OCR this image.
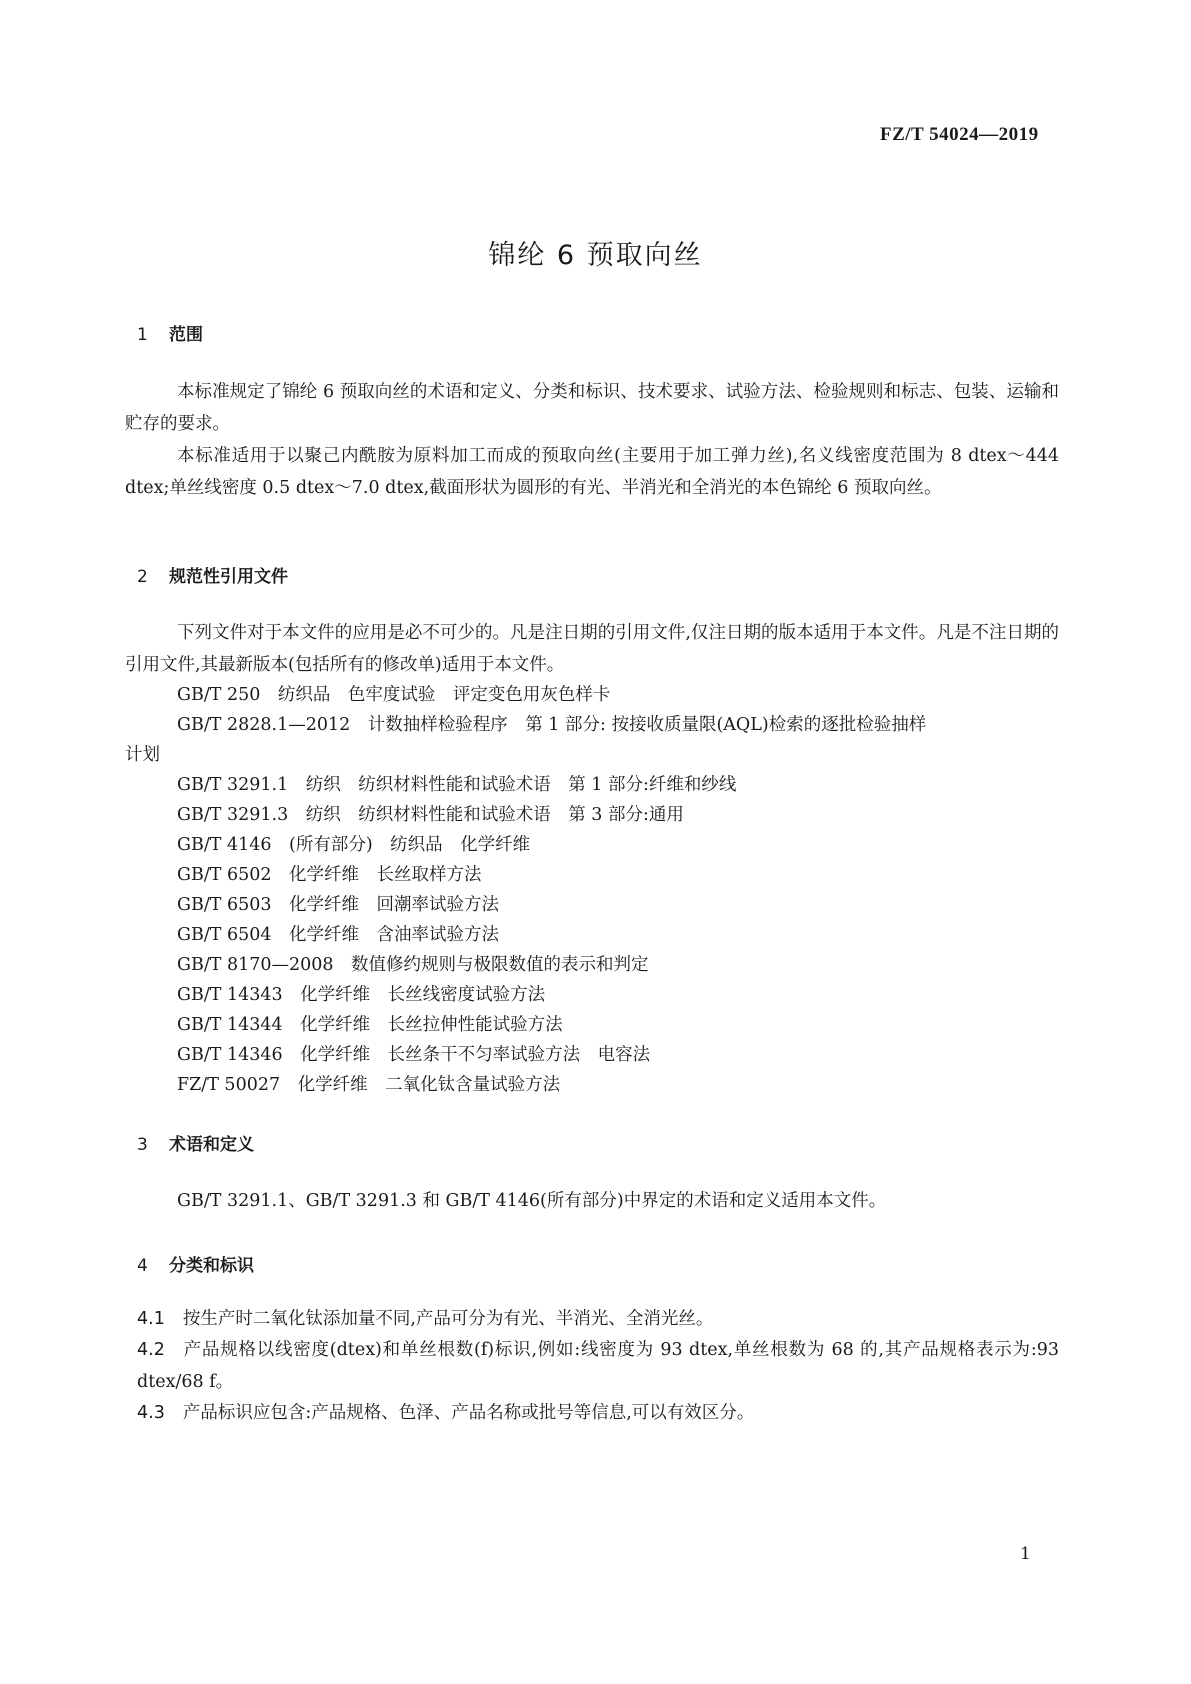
FZ/T 54024—2019
锦纶 6 预取向丝
1 范围
本标准规定了锦纶 6 预取向丝的术语和定义、分类和标识、技术要求、试验方法、检验规则和标志、包装、运输和贮存的要求。
本标准适用于以聚己内酰胺为原料加工而成的预取向丝(主要用于加工弹力丝),名义线密度范围为 8 dtex～444 dtex;单丝线密度 0.5 dtex～7.0 dtex,截面形状为圆形的有光、半消光和全消光的本色锦纶 6 预取向丝。
2 规范性引用文件
下列文件对于本文件的应用是必不可少的。凡是注日期的引用文件,仅注日期的版本适用于本文件。凡是不注日期的引用文件,其最新版本(包括所有的修改单)适用于本文件。
GB/T 250　纺织品　色牢度试验　评定变色用灰色样卡
GB/T 2828.1—2012　计数抽样检验程序　第 1 部分: 按接收质量限(AQL)检索的逐批检验抽样
计划
GB/T 3291.1　纺织　纺织材料性能和试验术语　第 1 部分:纤维和纱线
GB/T 3291.3　纺织　纺织材料性能和试验术语　第 3 部分:通用
GB/T 4146　(所有部分)　纺织品　化学纤维
GB/T 6502　化学纤维　长丝取样方法
GB/T 6503　化学纤维　回潮率试验方法
GB/T 6504　化学纤维　含油率试验方法
GB/T 8170—2008　数值修约规则与极限数值的表示和判定
GB/T 14343　化学纤维　长丝线密度试验方法
GB/T 14344　化学纤维　长丝拉伸性能试验方法
GB/T 14346　化学纤维　长丝条干不匀率试验方法　电容法
FZ/T 50027　化学纤维　二氧化钛含量试验方法
3 术语和定义
GB/T 3291.1、GB/T 3291.3 和 GB/T 4146(所有部分)中界定的术语和定义适用本文件。
4 分类和标识
4.1 按生产时二氧化钛添加量不同,产品可分为有光、半消光、全消光丝。
4.2 产品规格以线密度(dtex)和单丝根数(f)标识,例如:线密度为 93 dtex,单丝根数为 68 的,其产品规格表示为:93 dtex/68 f。
4.3 产品标识应包含:产品规格、色泽、产品名称或批号等信息,可以有效区分。
1
